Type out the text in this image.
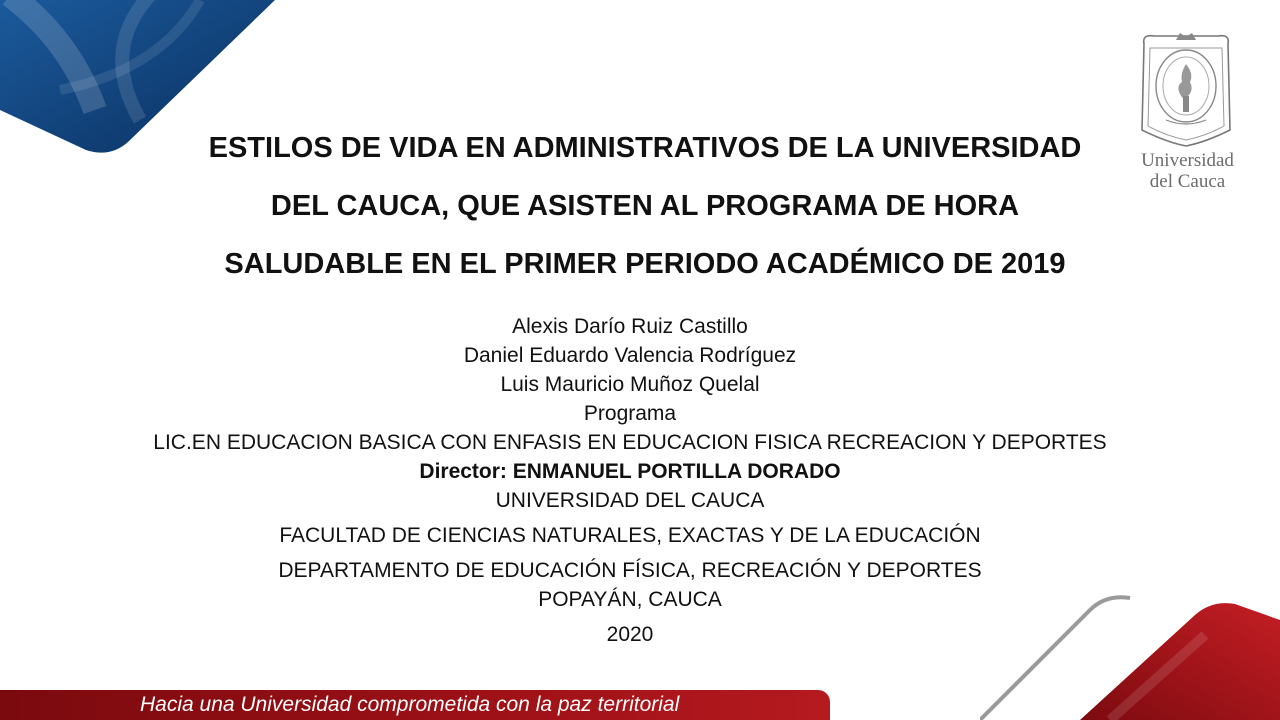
Universidad
del Cauca
ESTILOS DE VIDA EN ADMINISTRATIVOS DE LA UNIVERSIDAD
DEL CAUCA, QUE ASISTEN AL PROGRAMA DE HORA
SALUDABLE EN EL PRIMER PERIODO ACADÉMICO DE 2019
Alexis Darío Ruiz Castillo
Daniel Eduardo Valencia Rodríguez
Luis Mauricio Muñoz Quelal
Programa
LIC.EN EDUCACION BASICA CON ENFASIS EN EDUCACION FISICA RECREACION Y DEPORTES
Director: ENMANUEL PORTILLA DORADO
UNIVERSIDAD DEL CAUCA
FACULTAD DE CIENCIAS NATURALES, EXACTAS Y DE LA EDUCACIÓN
DEPARTAMENTO DE EDUCACIÓN FÍSICA, RECREACIÓN Y DEPORTES
POPAYÁN, CAUCA
2020
Hacia una Universidad comprometida con la paz territorial
